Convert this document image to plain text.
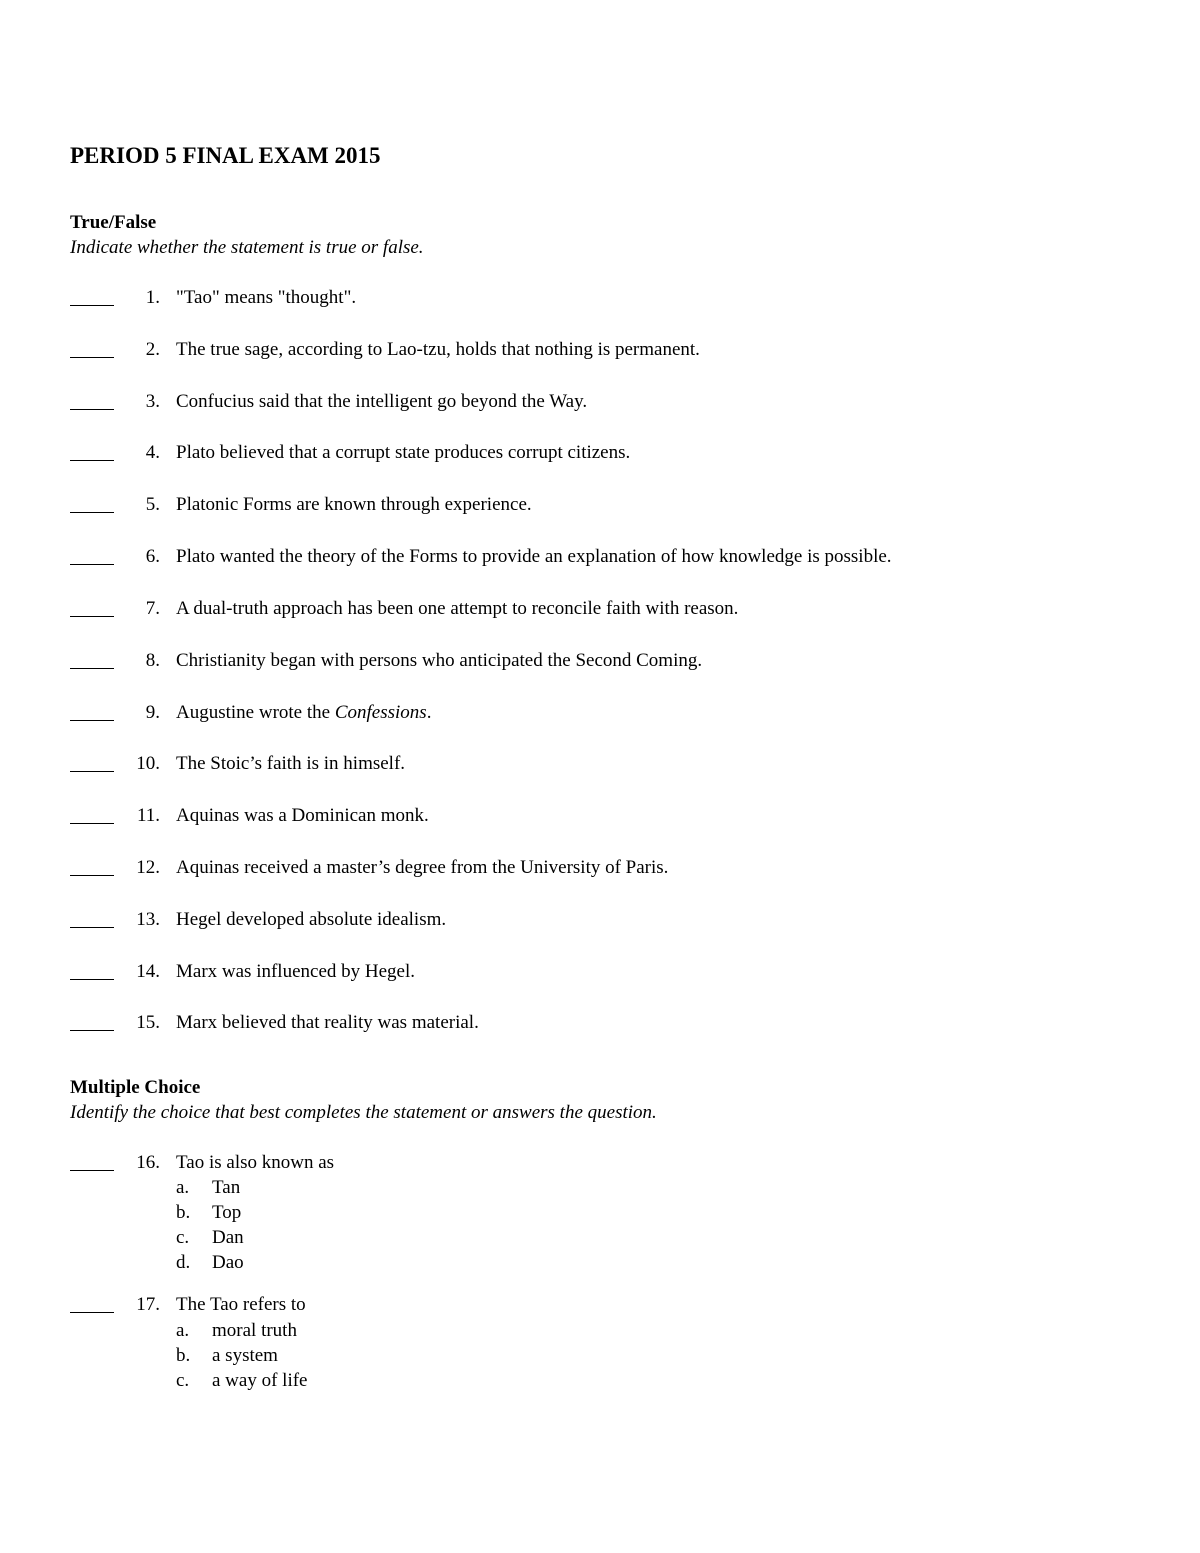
PERIOD 5 FINAL EXAM 2015
True/False
Indicate whether the statement is true or false.
1. "Tao" means "thought".
2. The true sage, according to Lao-tzu, holds that nothing is permanent.
3. Confucius said that the intelligent go beyond the Way.
4. Plato believed that a corrupt state produces corrupt citizens.
5. Platonic Forms are known through experience.
6. Plato wanted the theory of the Forms to provide an explanation of how knowledge is possible.
7. A dual-truth approach has been one attempt to reconcile faith with reason.
8. Christianity began with persons who anticipated the Second Coming.
9. Augustine wrote the Confessions.
10. The Stoic’s faith is in himself.
11. Aquinas was a Dominican monk.
12. Aquinas received a master’s degree from the University of Paris.
13. Hegel developed absolute idealism.
14. Marx was influenced by Hegel.
15. Marx believed that reality was material.
Multiple Choice
Identify the choice that best completes the statement or answers the question.
16. Tao is also known as
a. Tan
b. Top
c. Dan
d. Dao
17. The Tao refers to
a. moral truth
b. a system
c. a way of life
